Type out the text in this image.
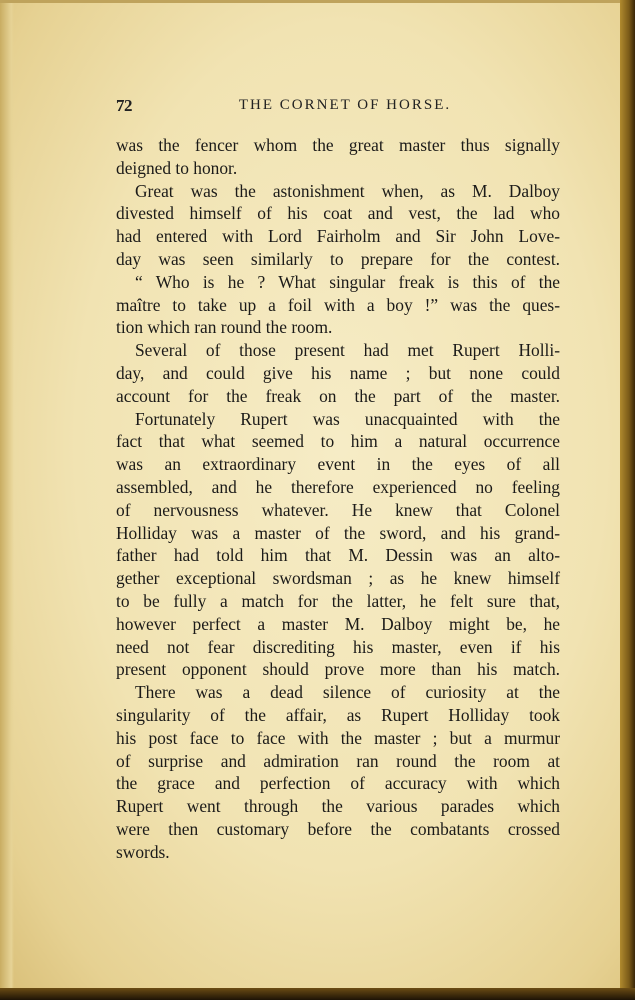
72	THE CORNET OF HORSE.
was the fencer whom the great master thus signally
deigned to honor.
Great was the astonishment when, as M. Dalboy
divested himself of his coat and vest, the lad who
had entered with Lord Fairholm and Sir John Love-
day was seen similarly to prepare for the contest.
“ Who is he ? What singular freak is this of the
maître to take up a foil with a boy !” was the ques-
tion which ran round the room.
Several of those present had met Rupert Holli-
day, and could give his name ; but none could
account for the freak on the part of the master.
Fortunately Rupert was unacquainted with the
fact that what seemed to him a natural occurrence
was an extraordinary event in the eyes of all
assembled, and he therefore experienced no feeling
of nervousness whatever. He knew that Colonel
Holliday was a master of the sword, and his grand-
father had told him that M. Dessin was an alto-
gether exceptional swordsman ; as he knew himself
to be fully a match for the latter, he felt sure that,
however perfect a master M. Dalboy might be, he
need not fear discrediting his master, even if his
present opponent should prove more than his match.
There was a dead silence of curiosity at the
singularity of the affair, as Rupert Holliday took
his post face to face with the master ; but a murmur
of surprise and admiration ran round the room at
the grace and perfection of accuracy with which
Rupert went through the various parades which
were then customary before the combatants crossed
swords.
